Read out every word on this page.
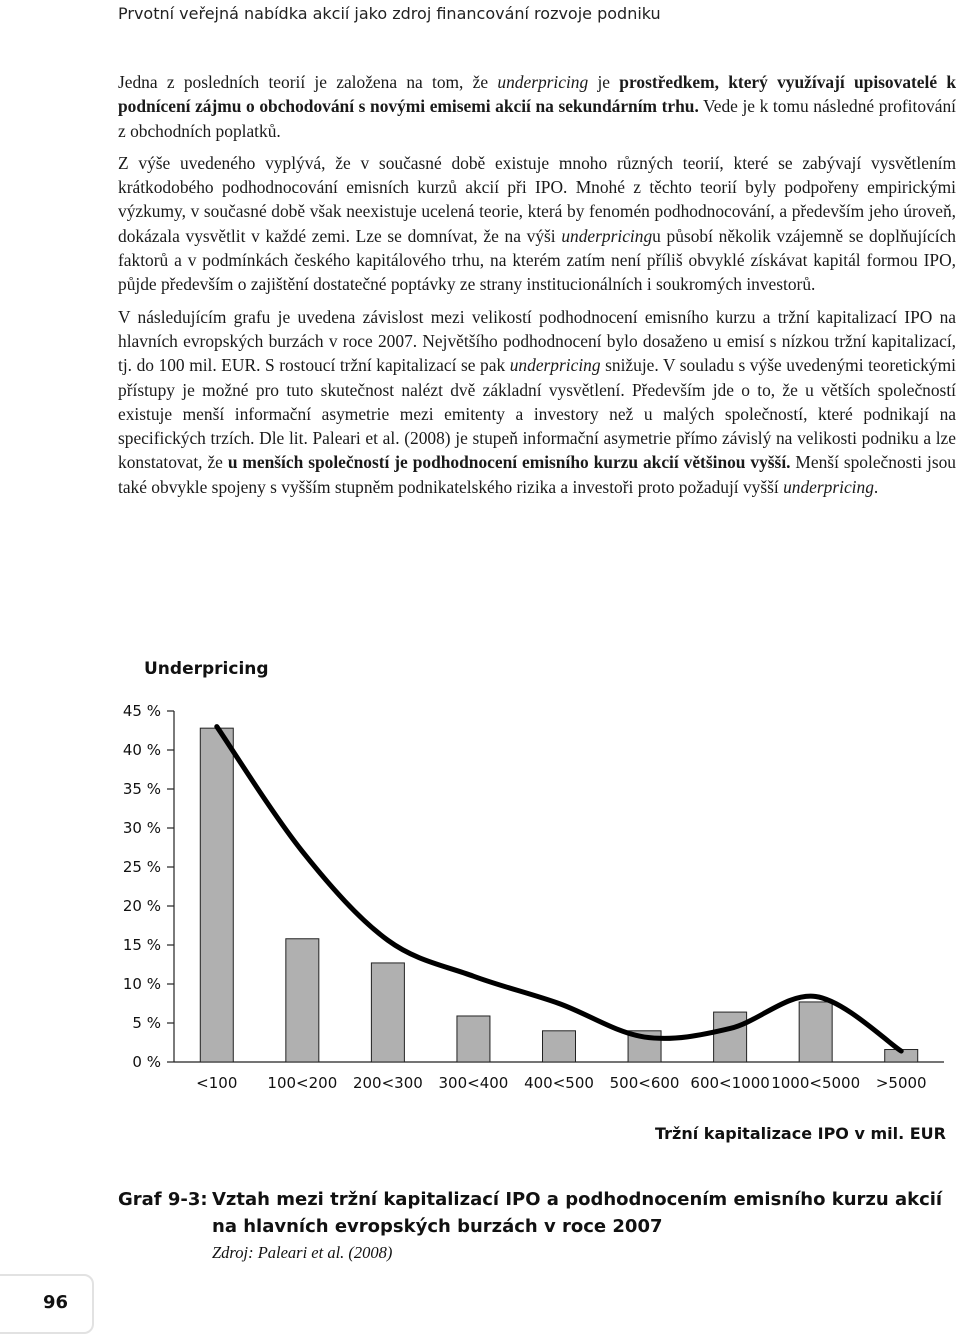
Prvotní veřejná nabídka akcií jako zdroj financování rozvoje podniku

Jedna z posledních teorií je založena na tom, že underpricing je prostředkem, který využívají upisovatelé k podnícení zájmu o obchodování s novými emisemi akcií na sekundárním trhu. Vede je k tomu následné profitování z obchodních poplatků.

Z výše uvedeného vyplývá, že v současné době existuje mnoho různých teorií, které se zabývají vysvětlením krátkodobého podhodnocování emisních kurzů akcií při IPO. Mnohé z těchto teorií byly podpořeny empirickými výzkumy, v současné době však neexistuje ucelená teorie, která by fenomén podhodnocování, a především jeho úroveň, dokázala vysvětlit v každé zemi. Lze se domnívat, že na výši underpricingu působí několik vzájemně se doplňujících faktorů a v podmínkách českého kapitálového trhu, na kterém zatím není příliš obvyklé získávat kapitál formou IPO, půjde především o zajištění dostatečné poptávky ze strany institucionálních i soukromých investorů.

V následujícím grafu je uvedena závislost mezi velikostí podhodnocení emisního kurzu a tržní kapitalizací IPO na hlavních evropských burzách v roce 2007. Největšího podhodnocení bylo dosaženo u emisí s nízkou tržní kapitalizací, tj. do 100 mil. EUR. S rostoucí tržní kapitalizací se pak underpricing snižuje. V souladu s výše uvedenými teoretickými přístupy je možné pro tuto skutečnost nalézt dvě základní vysvětlení. Především jde o to, že u větších společností existuje menší informační asymetrie mezi emitenty a investory než u malých společností, které podnikají na specifických trzích. Dle lit. Paleari et al. (2008) je stupeň informační asymetrie přímo závislý na velikosti podniku a lze konstatovat, že u menších společností je podhodnocení emisního kurzu akcií většinou vyšší. Menší společnosti jsou také obvykle spojeny s vyšším stupněm podnikatelského rizika a investoři proto požadují vyšší underpricing.

Underpricing
0 %
5 %
10 %
15 %
20 %
25 %
30 %
35 %
40 %
45 %
<100 100<200 200<300 300<400 400<500 500<600 600<1000 1000<5000 >5000
Tržní kapitalizace IPO v mil. EUR
Graf 9-3: Vztah mezi tržní kapitalizací IPO a podhodnocením emisního kurzu akcií
na hlavních evropských burzách v roce 2007
Zdroj: Paleari et al. (2008)
96
